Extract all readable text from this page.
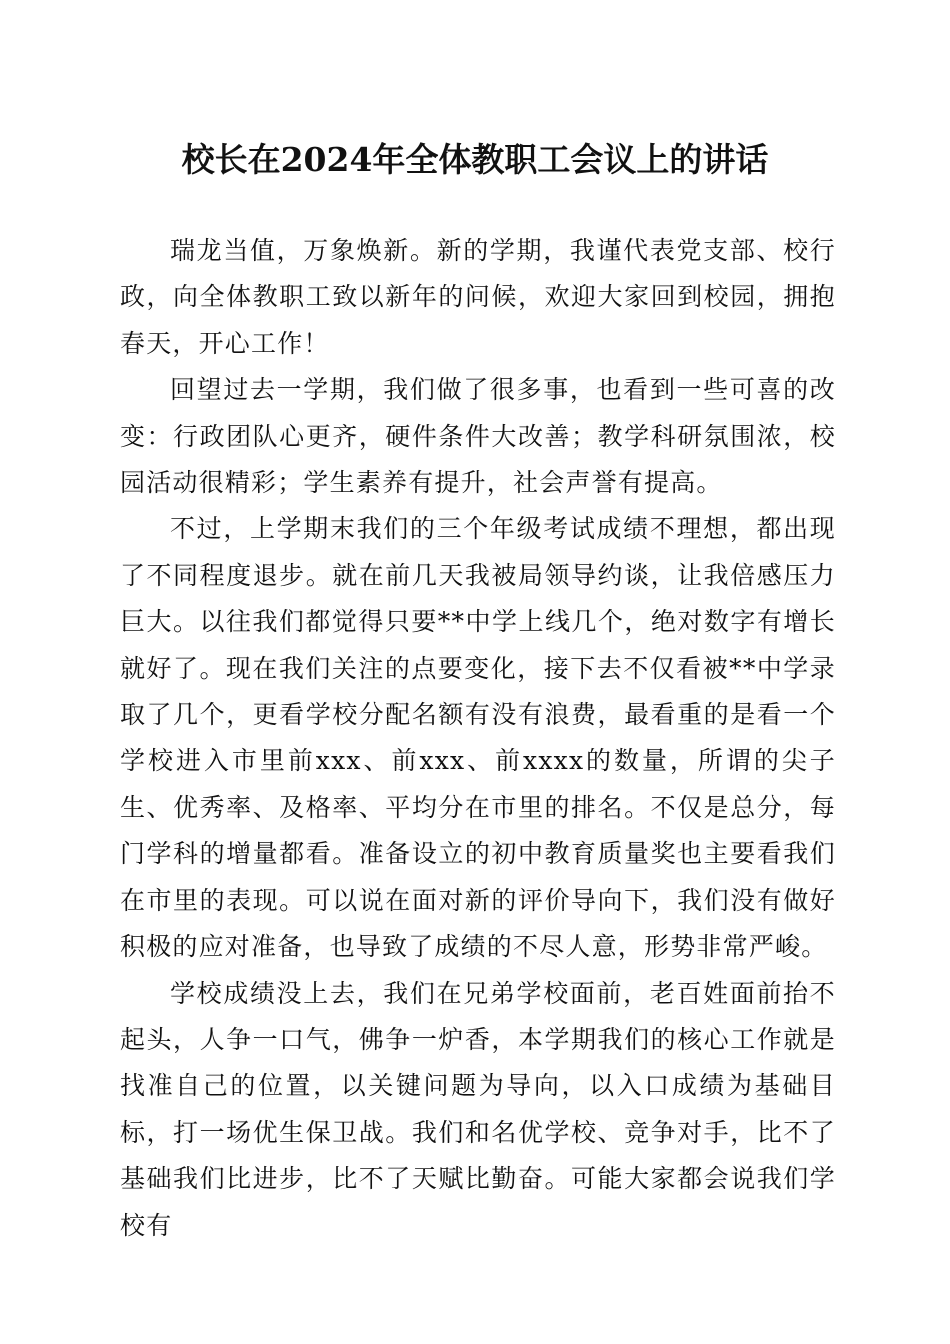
校长在2024年全体教职工会议上的讲话

瑞龙当值，万象焕新。新的学期，我谨代表党支部、校行政，向全体教职工致以新年的问候，欢迎大家回到校园，拥抱春天，开心工作！

回望过去一学期，我们做了很多事，也看到一些可喜的改变：行政团队心更齐，硬件条件大改善；教学科研氛围浓，校园活动很精彩；学生素养有提升，社会声誉有提高。

不过，上学期末我们的三个年级考试成绩不理想，都出现了不同程度退步。就在前几天我被局领导约谈，让我倍感压力巨大。以往我们都觉得只要**中学上线几个，绝对数字有增长就好了。现在我们关注的点要变化，接下去不仅看被**中学录取了几个，更看学校分配名额有没有浪费，最看重的是看一个学校进入市里前xxx、前xxx、前xxxx的数量，所谓的尖子生、优秀率、及格率、平均分在市里的排名。不仅是总分，每门学科的增量都看。准备设立的初中教育质量奖也主要看我们在市里的表现。可以说在面对新的评价导向下，我们没有做好积极的应对准备，也导致了成绩的不尽人意，形势非常严峻。

学校成绩没上去，我们在兄弟学校面前，老百姓面前抬不起头，人争一口气，佛争一炉香，本学期我们的核心工作就是找准自己的位置，以关键问题为导向，以入口成绩为基础目标，打一场优生保卫战。我们和名优学校、竞争对手，比不了基础我们比进步，比不了天赋比勤奋。可能大家都会说我们学校有
